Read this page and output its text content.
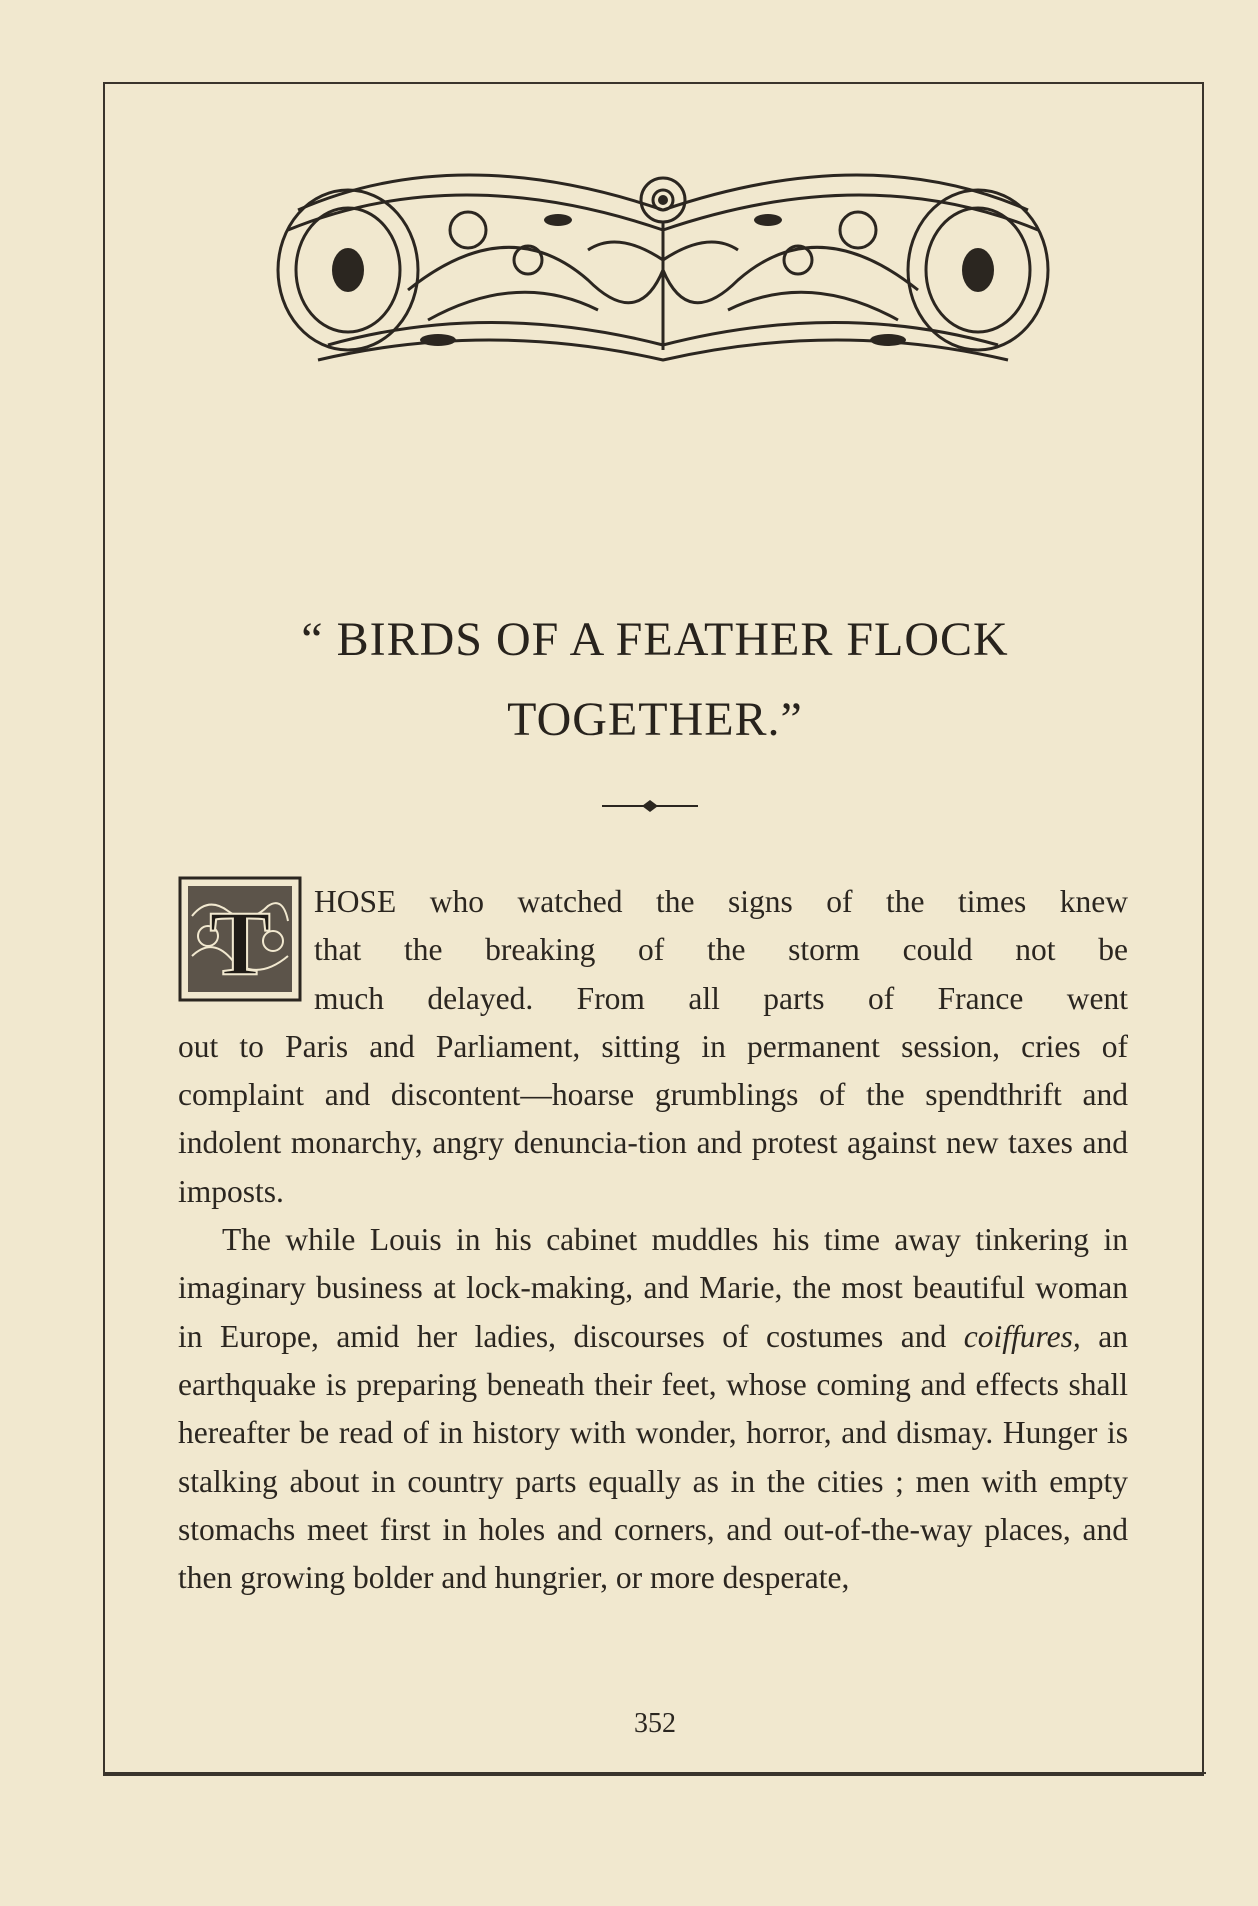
“ BIRDS OF A FEATHER FLOCK
TOGETHER.”
T HOSE who watched the signs of the times knew
that the breaking of the storm could not be
much delayed. From all parts of France went
out to Paris and Parliament, sitting in permanent session, cries of complaint and discontent—hoarse grumblings of the spendthrift and indolent monarchy, angry denuncia-tion and protest against new taxes and imposts.

The while Louis in his cabinet muddles his time away tinkering in imaginary business at lock-making, and Marie, the most beautiful woman in Europe, amid her ladies, discourses of costumes and coiffures, an earthquake is preparing beneath their feet, whose coming and effects shall hereafter be read of in history with wonder, horror, and dismay. Hunger is stalking about in country parts equally as in the cities ; men with empty stomachs meet first in holes and corners, and out-of-the-way places, and then growing bolder and hungrier, or more desperate,

352
